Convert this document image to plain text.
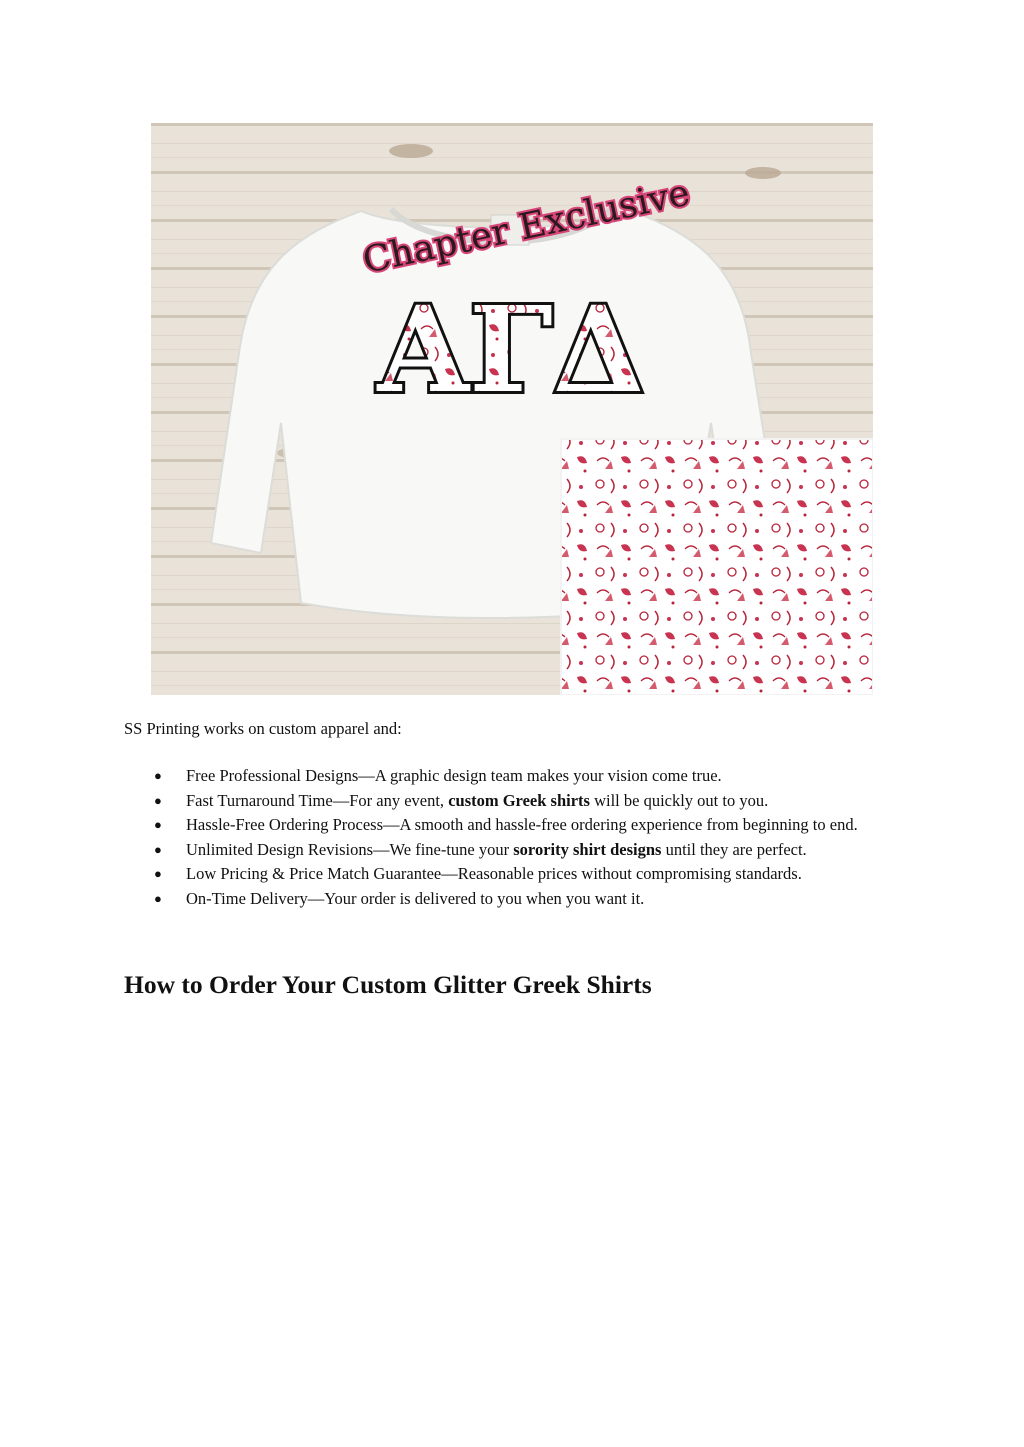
ΑΓΔ
Chapter Exclusive

SS Printing works on custom apparel and:

● Free Professional Designs—A graphic design team makes your vision come true.
● Fast Turnaround Time—For any event, custom Greek shirts will be quickly out to you.
● Hassle-Free Ordering Process—A smooth and hassle-free ordering experience from beginning to end.
● Unlimited Design Revisions—We fine-tune your sorority shirt designs until they are perfect.
● Low Pricing & Price Match Guarantee—Reasonable prices without compromising standards.
● On-Time Delivery—Your order is delivered to you when you want it.
How to Order Your Custom Glitter Greek Shirts
